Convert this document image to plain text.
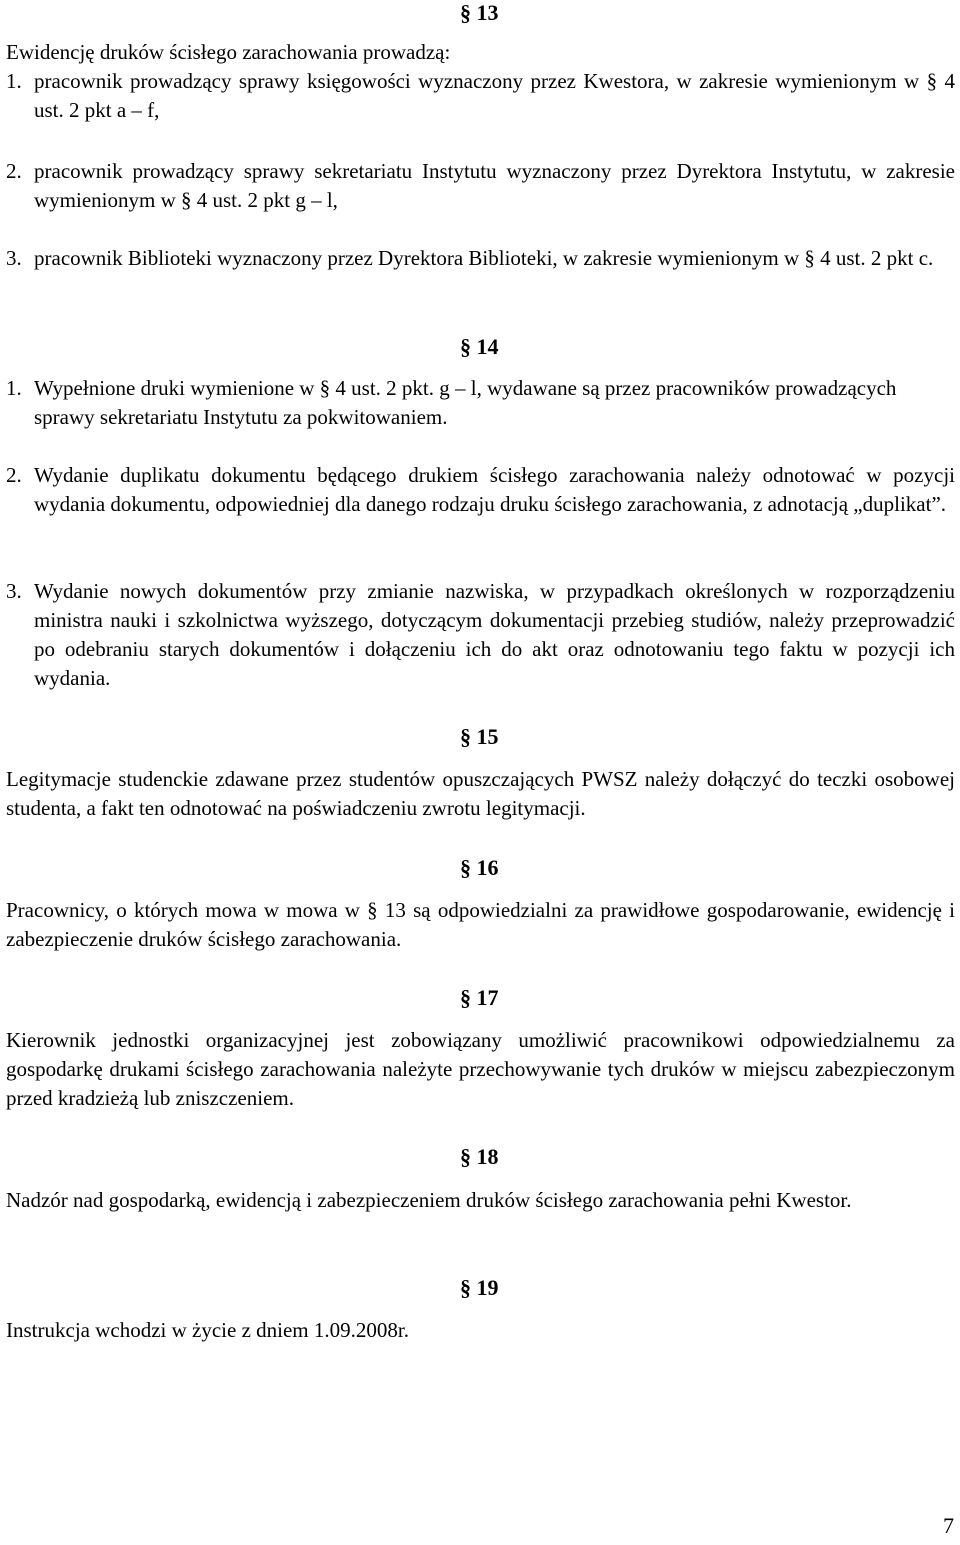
§ 13
Ewidencję druków ścisłego zarachowania prowadzą:
1. pracownik prowadzący sprawy księgowości wyznaczony przez Kwestora, w zakresie wymienionym w § 4 ust. 2 pkt a – f,
2. pracownik prowadzący sprawy sekretariatu Instytutu wyznaczony przez Dyrektora Instytutu, w zakresie wymienionym w § 4 ust. 2 pkt g – l,
3. pracownik Biblioteki wyznaczony przez Dyrektora Biblioteki, w zakresie wymienionym w § 4 ust. 2 pkt c.
§ 14
1. Wypełnione druki wymienione w § 4 ust. 2 pkt. g – l, wydawane są przez pracowników prowadzących sprawy sekretariatu Instytutu za pokwitowaniem.
2. Wydanie duplikatu dokumentu będącego drukiem ścisłego zarachowania należy odnotować w pozycji wydania dokumentu, odpowiedniej dla danego rodzaju druku ścisłego zarachowania, z adnotacją „duplikat”.
3. Wydanie nowych dokumentów przy zmianie nazwiska, w przypadkach określonych w rozporządzeniu ministra nauki i szkolnictwa wyższego, dotyczącym dokumentacji przebieg studiów, należy przeprowadzić po odebraniu starych dokumentów i dołączeniu ich do akt oraz odnotowaniu tego faktu w pozycji ich wydania.
§ 15
Legitymacje studenckie zdawane przez studentów opuszczających PWSZ należy dołączyć do teczki osobowej studenta, a fakt ten odnotować na poświadczeniu zwrotu legitymacji.
§ 16
Pracownicy, o których mowa w mowa w § 13 są odpowiedzialni za prawidłowe gospodarowanie, ewidencję i zabezpieczenie druków ścisłego zarachowania.
§ 17
Kierownik jednostki organizacyjnej jest zobowiązany umożliwić pracownikowi odpowiedzialnemu za gospodarkę drukami ścisłego zarachowania należyte przechowywanie tych druków w miejscu zabezpieczonym przed kradzieżą lub zniszczeniem.
§ 18
Nadzór nad gospodarką, ewidencją i zabezpieczeniem druków ścisłego zarachowania pełni Kwestor.
§ 19
Instrukcja wchodzi w życie z dniem 1.09.2008r.
7
